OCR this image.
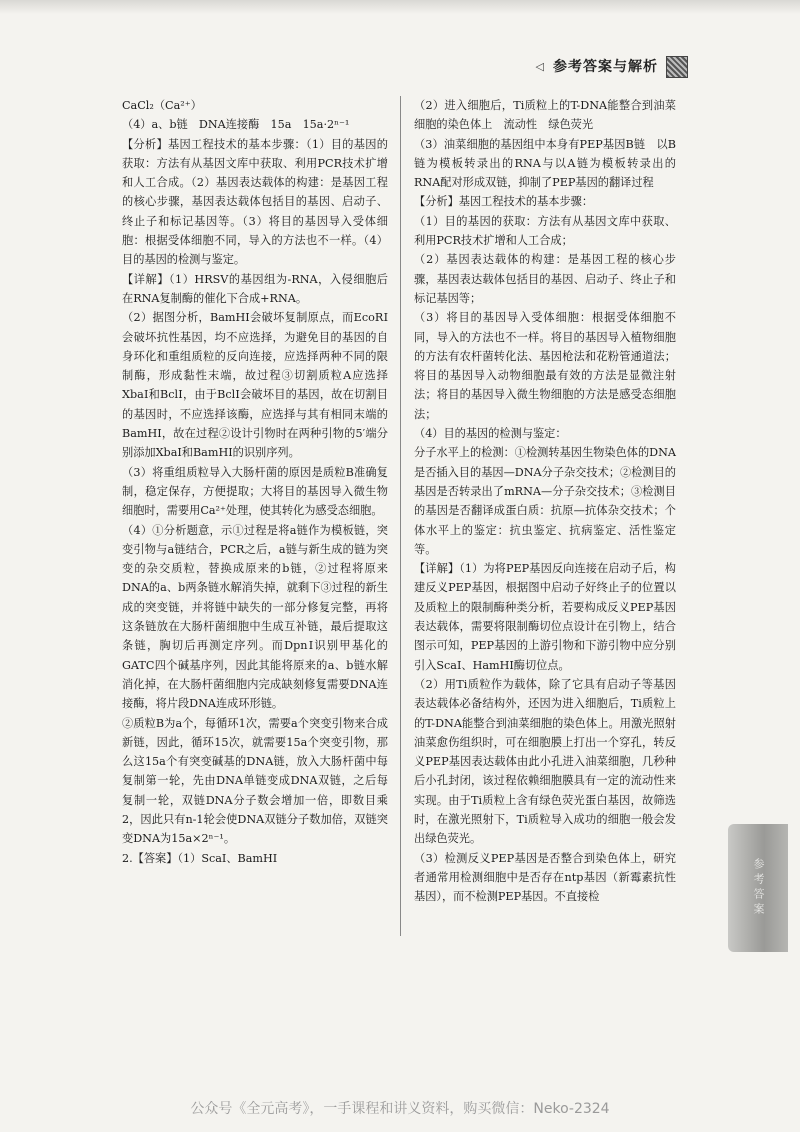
◁ 参考答案与解析

CaCl₂（Ca²⁺）

（4）a、b链　DNA连接酶　15a　15a·2ⁿ⁻¹

【分析】基因工程技术的基本步骤：（1）目的基因的获取：方法有从基因文库中获取、利用PCR技术扩增和人工合成。（2）基因表达载体的构建：是基因工程的核心步骤，基因表达载体包括目的基因、启动子、终止子和标记基因等。（3）将目的基因导入受体细胞：根据受体细胞不同，导入的方法也不一样。（4）目的基因的检测与鉴定。

【详解】（1）HRSV的基因组为-RNA，入侵细胞后在RNA复制酶的催化下合成+RNA。

（2）据图分析，BamHI会破坏复制原点，而EcoRⅠ会破坏抗性基因，均不应选择，为避免目的基因的自身环化和重组质粒的反向连接，应选择两种不同的限制酶，形成黏性末端，故过程③切割质粒A应选择XbaⅠ和BclⅠ，由于BclⅠ会破坏目的基因，故在切割目的基因时，不应选择该酶，应选择与其有相同末端的BamHI，故在过程②设计引物时在两种引物的5′端分别添加XbaⅠ和BamHⅠ的识别序列。

（3）将重组质粒导入大肠杆菌的原因是质粒B准确复制，稳定保存，方便提取；大将目的基因导入微生物细胞时，需要用Ca²⁺处理，使其转化为感受态细胞。

（4）①分析题意，示①过程是将a链作为模板链，突变引物与a链结合，PCR之后，a链与新生成的链为突变的杂交质粒，替换成原来的b链，②过程将原来DNA的a、b两条链水解消失掉，就剩下③过程的新生成的突变链，并将链中缺失的一部分修复完整，再将这条链放在大肠杆菌细胞中生成互补链，最后提取这条链，胸切后再测定序列。而DpnⅠ识别甲基化的GATC四个碱基序列，因此其能将原来的a、b链水解消化掉，在大肠杆菌细胞内完成缺刻修复需要DNA连接酶，将片段DNA连成环形链。

②质粒B为a个，每循环1次，需要a个突变引物来合成新链，因此，循环15次，就需要15a个突变引物，那么这15a个有突变碱基的DNA链，放入大肠杆菌中每复制第一轮，先由DNA单链变成DNA双链，之后每复制一轮，双链DNA分子数会增加一倍，即数目乘2，因此只有n-1轮会使DNA双链分子数加倍，双链突变DNA为15a×2ⁿ⁻¹。

2.【答案】（1）ScaⅠ、BamHⅠ

（2）进入细胞后，Ti质粒上的T-DNA能整合到油菜细胞的染色体上　流动性　绿色荧光

（3）油菜细胞的基因组中本身有PEP基因B链　以B链为模板转录出的RNA与以A链为模板转录出的RNA配对形成双链，抑制了PEP基因的翻译过程

【分析】基因工程技术的基本步骤：

（1）目的基因的获取：方法有从基因文库中获取、利用PCR技术扩增和人工合成；

（2）基因表达载体的构建：是基因工程的核心步骤，基因表达载体包括目的基因、启动子、终止子和标记基因等；

（3）将目的基因导入受体细胞：根据受体细胞不同，导入的方法也不一样。将目的基因导入植物细胞的方法有农杆菌转化法、基因枪法和花粉管通道法；将目的基因导入动物细胞最有效的方法是显微注射法；将目的基因导入微生物细胞的方法是感受态细胞法；

（4）目的基因的检测与鉴定：

分子水平上的检测：①检测转基因生物染色体的DNA是否插入目的基因—DNA分子杂交技术；②检测目的基因是否转录出了mRNA—分子杂交技术；③检测目的基因是否翻译成蛋白质：抗原—抗体杂交技术；个体水平上的鉴定：抗虫鉴定、抗病鉴定、活性鉴定等。

【详解】（1）为将PEP基因反向连接在启动子后，构建反义PEP基因，根据图中启动子好终止子的位置以及质粒上的限制酶种类分析，若要构成反义PEP基因表达载体，需要将限制酶切位点设计在引物上，结合图示可知，PEP基因的上游引物和下游引物中应分别引入ScaⅠ、HamHⅠ酶切位点。

（2）用Ti质粒作为载体，除了它具有启动子等基因表达载体必备结构外，还因为进入细胞后，Ti质粒上的T-DNA能整合到油菜细胞的染色体上。用激光照射油菜愈伤组织时，可在细胞膜上打出一个穿孔，转反义PEP基因表达载体由此小孔进入油菜细胞，几秒种后小孔封闭，该过程依赖细胞膜具有一定的流动性来实现。由于Ti质粒上含有绿色荧光蛋白基因，故筛选时，在激光照射下，Ti质粒导入成功的细胞一般会发出绿色荧光。

（3）检测反义PEP基因是否整合到染色体上，研究者通常用检测细胞中是否存在ntp基因（新霉素抗性基因），而不检测PEP基因。不直接检	参考答案
公众号《全元高考》，一手课程和讲义资料，购买微信：Neko-2324
